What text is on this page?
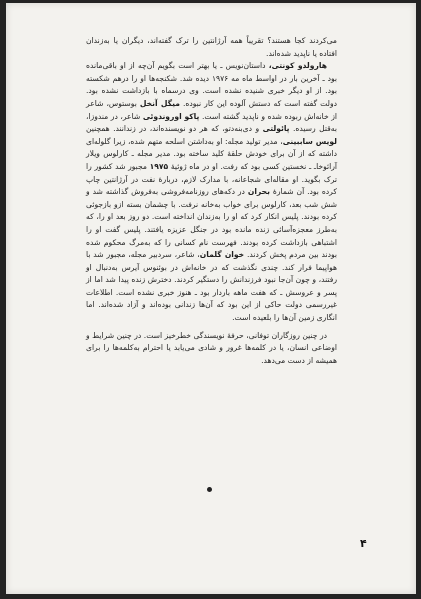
می‌کردند کجا هستند؟ تقریباً همه آرژانتین را ترک گفته‌اند، دیگران یا به‌زندان افتاده یا ناپدید شده‌اند.

هارولدو کونتی، داستان‌نویس ـ یا بهتر است بگویم آن‌چه از او باقی‌مانده بود ـ آخرین بار در اواسط ماه مه ۱۹۷۶ دیده شد. شکنجه‌ها او را درهم شکسته بود. از او دیگر خبری شنیده نشده است. وی درسماه با بازداشت نشده بود. دولت گفته است که دستش آلوده این کار نبوده. میگل آنخل بوستوس، شاعر از خانه‌اش ربوده شده و ناپدید گشته است. پاکو اوروندوئی شاعر، در مندوزا، به‌قتل رسیده. پائولتی و دی‌بنه‌دتو، که هر دو نویسنده‌اند، در زندانند. همچنین لویس ساببینی، مدیر تولید مجله: او به‌داشتن اسلحه متهم شده، زیرا گلوله‌ای داشته که از آن برای خودش حلقهٔ کلید ساخته بود. مدیر مجله ـ کارلوس ویلار آرائوخاـ ـ نخستین کسی بود که رفت. او در ماه ژوئیهٔ ۱۹۷۵ مجبور شد کشور را ترک بگوید. او مقاله‌ای شجاعانه، با مدارک لازم، دربارهٔ نفت در آرژانتین چاپ کرده بود. آن شمارهٔ بحران در دکه‌های روزنامه‌فروشی به‌فروش گذاشته شد و شش شب بعد، کارلوس برای خواب به‌خانه نرفت. با چشمان بسته ازو بازجوئی کرده بودند. پلیس انکار کرد که او را به‌زندان انداخته است. دو روز بعد او را، که به‌طرز معجزه‌آسائی زنده مانده بود در جنگل عزیزه یافتند. پلیس گفت او را اشتباهی بازداشت کرده بودند. فهرست نام کسانی را که به‌مرگ محکوم شده بودند بین مردم پخش کردند. خوان گلمان، شاعر، سردبیر مجله، مجبور شد با هواپیما فرار کند. چندی نگذشت که در خانه‌اش در بوئنوس آیرس به‌دنبال او رفتند، و چون آن‌جا نبود فرزندانش را دستگیر کردند. دخترش زنده پیدا شد اما از پسر و عروسش ـ که هفت ماهه باردار بود ـ هنوز خبری نشده است. اطلاعات غیررسمی دولت حاکی از این بود که آن‌ها زندانی بوده‌اند و آزاد شده‌اند. اما انگاری زمین آن‌ها را بلعیده است.

در چنین روزگاران توفانی، حرفهٔ نویسندگی خطرخیز است. در چنین شرایط و اوضاعی انسان، یا در کلمه‌ها غرور و شادی می‌یابد یا احترام به‌کلمه‌ها را برای همیشه از دست می‌دهد.

۴
